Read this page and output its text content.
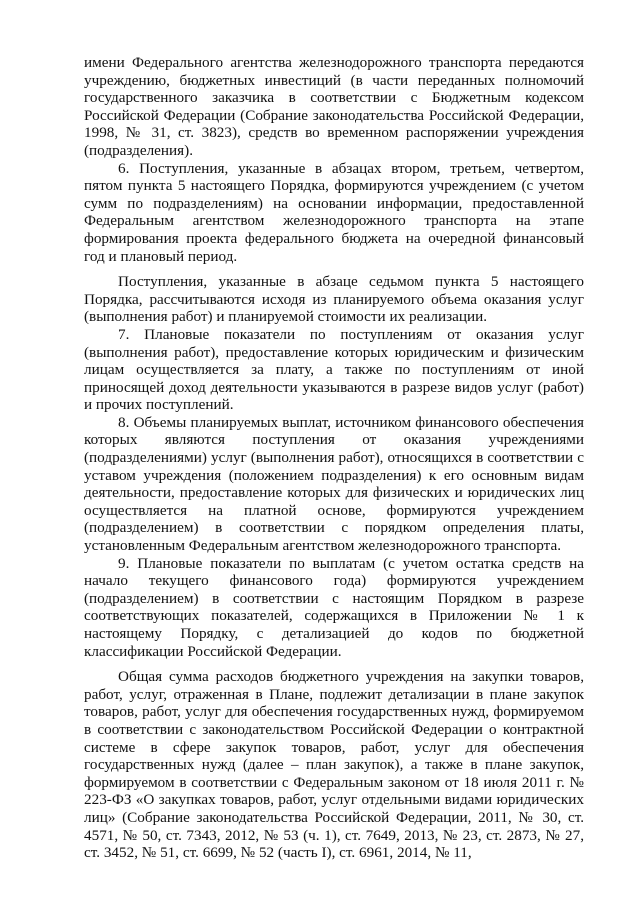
имени Федерального агентства железнодорожного транспорта передаются учреждению, бюджетных инвестиций (в части переданных полномочий государственного заказчика в соответствии с Бюджетным кодексом Российской Федерации (Собрание законодательства Российской Федерации, 1998, № 31, ст. 3823), средств во временном распоряжении учреждения (подразделения).

6. Поступления, указанные в абзацах втором, третьем, четвертом, пятом пункта 5 настоящего Порядка, формируются учреждением (с учетом сумм по подразделениям) на основании информации, предоставленной Федеральным агентством железнодорожного транспорта на этапе формирования проекта федерального бюджета на очередной финансовый год и плановый период.

Поступления, указанные в абзаце седьмом пункта 5 настоящего Порядка, рассчитываются исходя из планируемого объема оказания услуг (выполнения работ) и планируемой стоимости их реализации.

7. Плановые показатели по поступлениям от оказания услуг (выполнения работ), предоставление которых юридическим и физическим лицам осуществляется за плату, а также по поступлениям от иной приносящей доход деятельности указываются в разрезе видов услуг (работ) и прочих поступлений.

8. Объемы планируемых выплат, источником финансового обеспечения которых являются поступления от оказания учреждениями (подразделениями) услуг (выполнения работ), относящихся в соответствии с уставом учреждения (положением подразделения) к его основным видам деятельности, предоставление которых для физических и юридических лиц осуществляется на платной основе, формируются учреждением (подразделением) в соответствии с порядком определения платы, установленным Федеральным агентством железнодорожного транспорта.

9. Плановые показатели по выплатам (с учетом остатка средств на начало текущего финансового года) формируются учреждением (подразделением) в соответствии с настоящим Порядком в разрезе соответствующих показателей, содержащихся в Приложении № 1 к настоящему Порядку, с детализацией до кодов по бюджетной классификации Российской Федерации.

Общая сумма расходов бюджетного учреждения на закупки товаров, работ, услуг, отраженная в Плане, подлежит детализации в плане закупок товаров, работ, услуг для обеспечения государственных нужд, формируемом в соответствии с законодательством Российской Федерации о контрактной системе в сфере закупок товаров, работ, услуг для обеспечения государственных нужд (далее – план закупок), а также в плане закупок, формируемом в соответствии с Федеральным законом от 18 июля 2011 г. № 223-ФЗ «О закупках товаров, работ, услуг отдельными видами юридических лиц» (Собрание законодательства Российской Федерации, 2011, № 30, ст. 4571, № 50, ст. 7343, 2012, № 53 (ч. 1), ст. 7649, 2013, № 23, ст. 2873, № 27, ст. 3452, № 51, ст. 6699, № 52 (часть I), ст. 6961, 2014, № 11,
